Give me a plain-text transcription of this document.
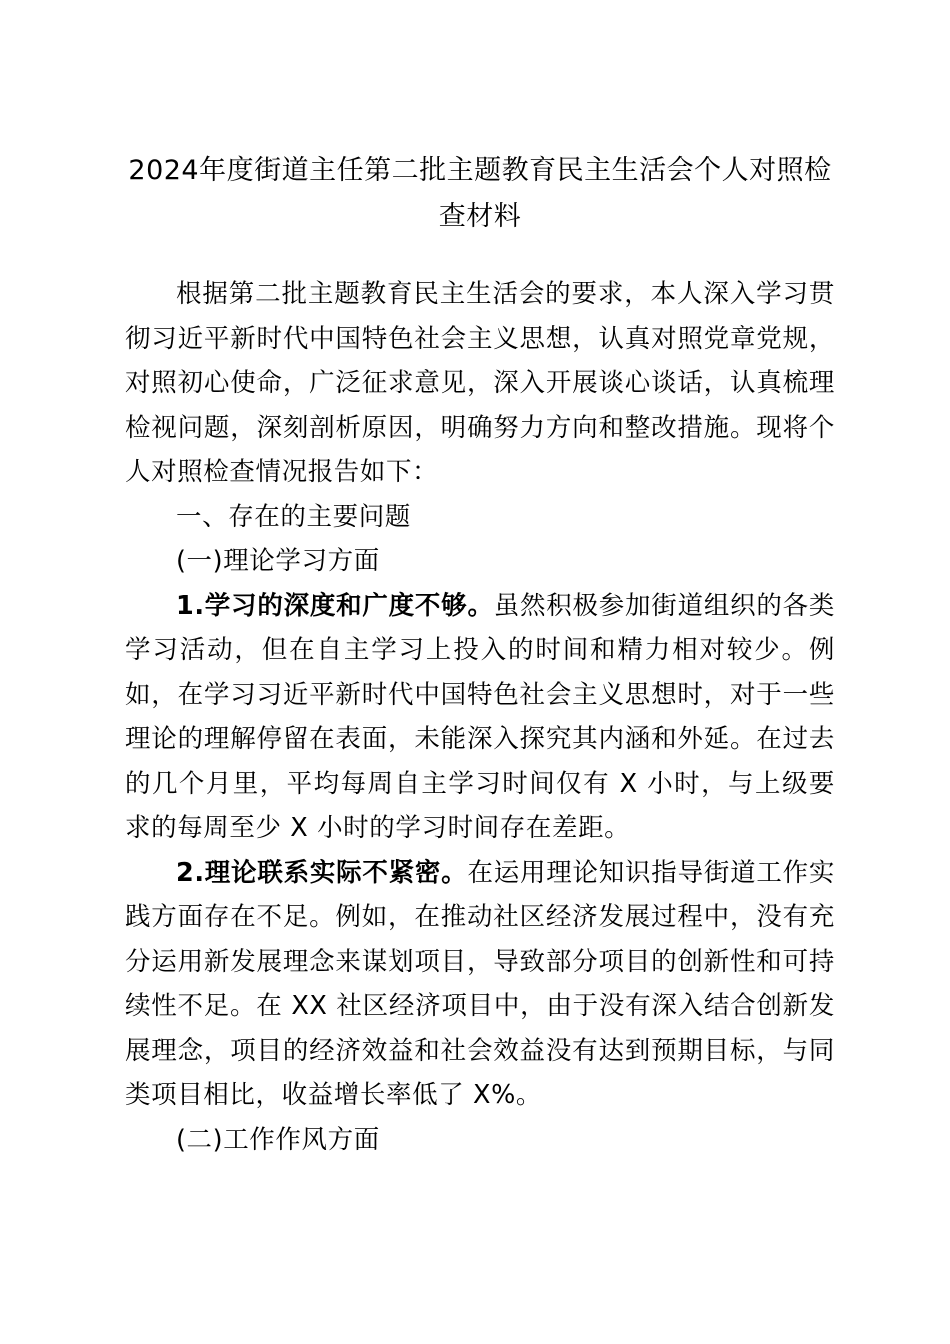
2024年度街道主任第二批主题教育民主生活会个人对照检查材料

根据第二批主题教育民主生活会的要求，本人深入学习贯彻习近平新时代中国特色社会主义思想，认真对照党章党规，对照初心使命，广泛征求意见，深入开展谈心谈话，认真梳理检视问题，深刻剖析原因，明确努力方向和整改措施。现将个人对照检查情况报告如下：

一、存在的主要问题

(一)理论学习方面

1.学习的深度和广度不够。虽然积极参加街道组织的各类学习活动，但在自主学习上投入的时间和精力相对较少。例如，在学习习近平新时代中国特色社会主义思想时，对于一些理论的理解停留在表面，未能深入探究其内涵和外延。在过去的几个月里，平均每周自主学习时间仅有 X 小时，与上级要求的每周至少 X 小时的学习时间存在差距。

2.理论联系实际不紧密。在运用理论知识指导街道工作实践方面存在不足。例如，在推动社区经济发展过程中，没有充分运用新发展理念来谋划项目，导致部分项目的创新性和可持续性不足。在 XX 社区经济项目中，由于没有深入结合创新发展理念，项目的经济效益和社会效益没有达到预期目标，与同类项目相比，收益增长率低了 X%。

(二)工作作风方面
